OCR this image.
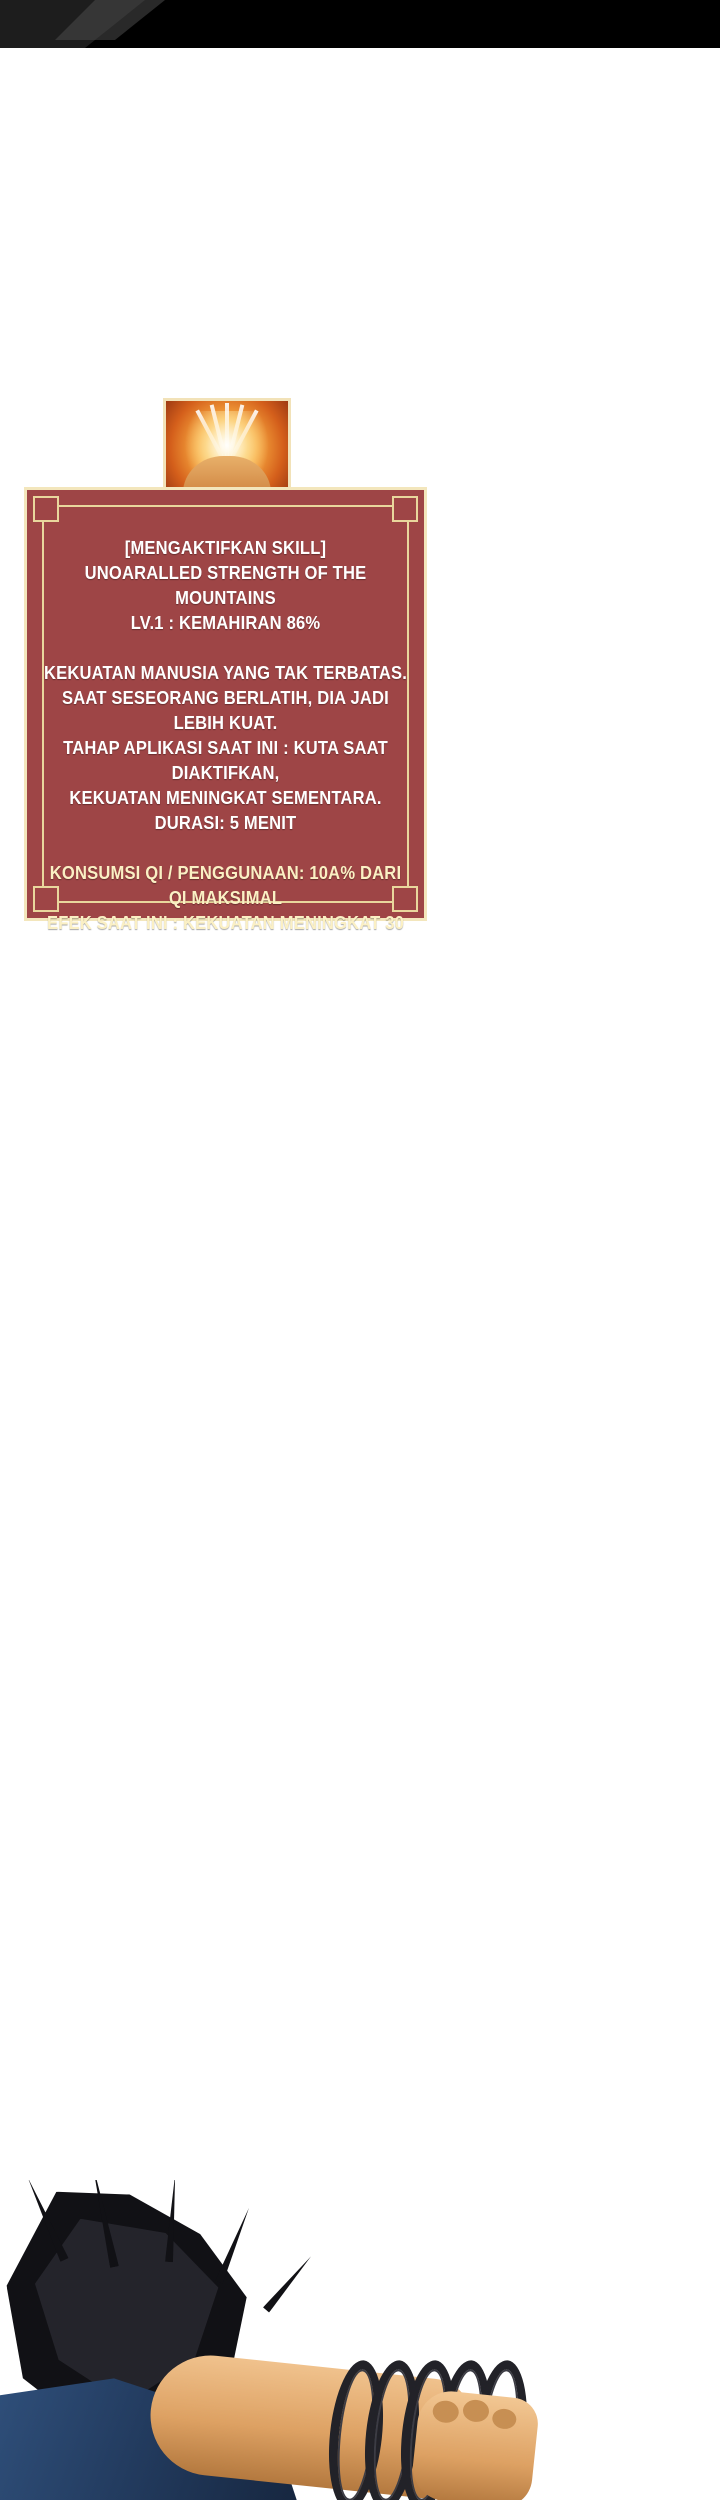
[MENGAKTIFKAN SKILL]
UNOARALLED STRENGTH OF THE MOUNTAINS
LV.1 : KEMAHIRAN 86%
KEKUATAN MANUSIA YANG TAK TERBATAS.
SAAT SESEORANG BERLATIH, DIA JADI LEBIH KUAT.
TAHAP APLIKASI SAAT INI : KUTA SAAT DIAKTIFKAN,
KEKUATAN MENINGKAT SEMENTARA.
DURASI: 5 MENIT
KONSUMSI QI / PENGGUNAAN: 10A% DARI QI MAKSIMAL
EFEK SAAT INI : KEKUATAN MENINGKAT 30
